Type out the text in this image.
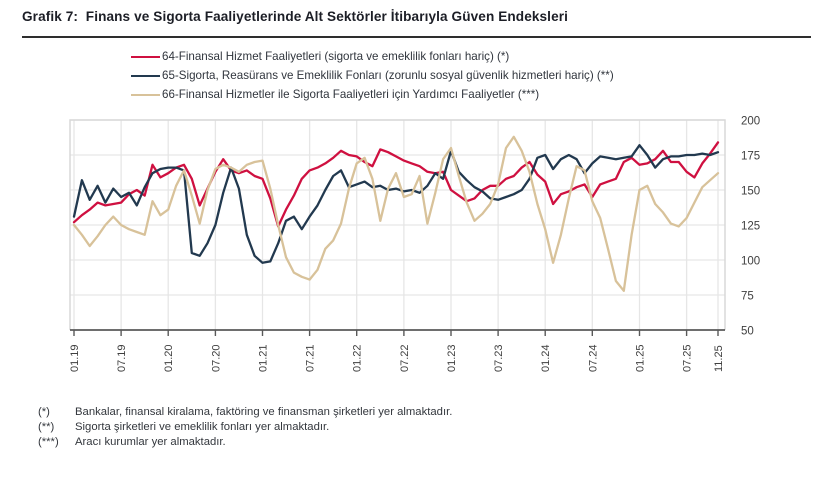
Grafik 7:  Finans ve Sigorta Faaliyetlerinde Alt Sektörler İtibarıyla Güven Endeksleri
64-Finansal Hizmet Faaliyetleri (sigorta ve emeklilik fonları hariç) (*)
65-Sigorta, Reasürans ve Emeklilik Fonları (zorunlu sosyal güvenlik hizmetleri hariç) (**)
66-Finansal Hizmetler ile Sigorta Faaliyetleri için Yardımcı Faaliyetler (***)
01.19	07.19	01.20	07.20	01.21	07.21	01.22	07.22	01.23	07.23	01.24	07.24	01.25	07.25 11.25
200
175
150
125
100
75
50
(*)	Bankalar, finansal kiralama, faktöring ve finansman şirketleri yer almaktadır.
(**)	Sigorta şirketleri ve emeklilik fonları yer almaktadır.
(***)	Aracı kurumlar yer almaktadır.
